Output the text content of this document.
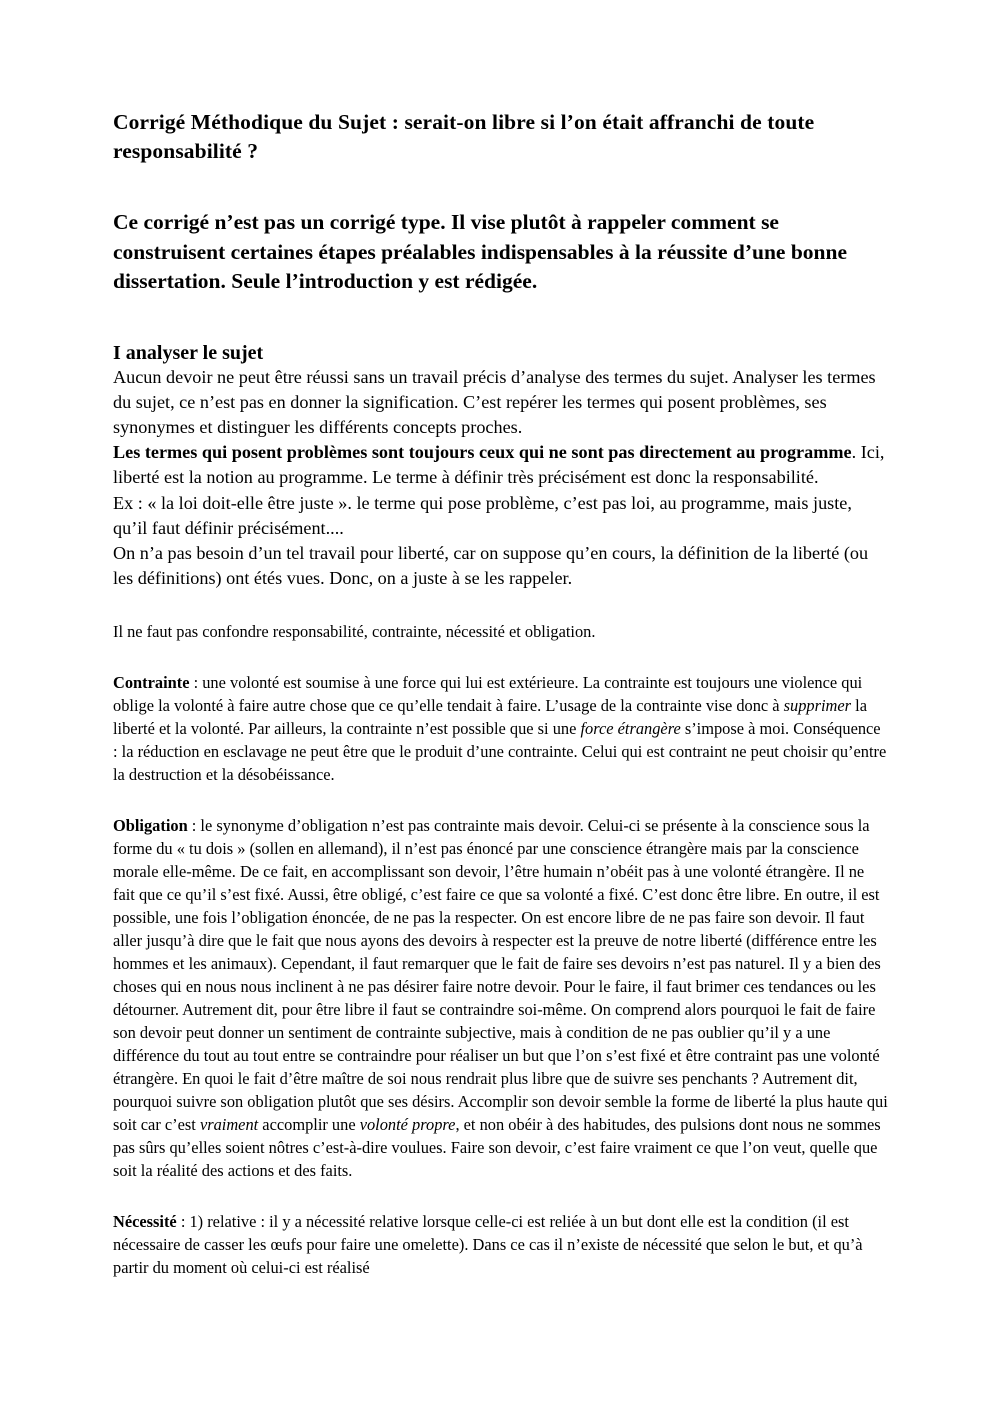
Corrigé Méthodique du Sujet : serait-on libre si l’on était affranchi de toute responsabilité ?

Ce corrigé n’est pas un corrigé type. Il vise plutôt à rappeler comment se construisent certaines étapes préalables indispensables à la réussite d’une bonne dissertation. Seule l’introduction y est rédigée.

I analyser le sujet

Aucun devoir ne peut être réussi sans un travail précis d’analyse des termes du sujet. Analyser les termes du sujet, ce n’est pas en donner la signification. C’est repérer les termes qui posent problèmes, ses synonymes et distinguer les différents concepts proches.

Les termes qui posent problèmes sont toujours ceux qui ne sont pas directement au programme. Ici, liberté est la notion au programme. Le terme à définir très précisément est donc la responsabilité.

Ex : « la loi doit-elle être juste ». le terme qui pose problème, c’est pas loi, au programme, mais juste, qu’il faut définir précisément....

On n’a pas besoin d’un tel travail pour liberté, car on suppose qu’en cours, la définition de la liberté (ou les définitions) ont étés vues. Donc, on a juste à se les rappeler.

Il ne faut pas confondre responsabilité, contrainte, nécessité et obligation.

Contrainte : une volonté est soumise à une force qui lui est extérieure. La contrainte est toujours une violence qui oblige la volonté à faire autre chose que ce qu’elle tendait à faire. L’usage de la contrainte vise donc à supprimer la liberté et la volonté. Par ailleurs, la contrainte n’est possible que si une force étrangère s’impose à moi. Conséquence : la réduction en esclavage ne peut être que le produit d’une contrainte. Celui qui est contraint ne peut choisir qu’entre la destruction et la désobéissance.

Obligation : le synonyme d’obligation n’est pas contrainte mais devoir. Celui-ci se présente à la conscience sous la forme du « tu dois » (sollen en allemand), il n’est pas énoncé par une conscience étrangère mais par la conscience morale elle-même. De ce fait, en accomplissant son devoir, l’être humain n’obéit pas à une volonté étrangère. Il ne fait que ce qu’il s’est fixé. Aussi, être obligé, c’est faire ce que sa volonté a fixé. C’est donc être libre. En outre, il est possible, une fois l’obligation énoncée, de ne pas la respecter. On est encore libre de ne pas faire son devoir. Il faut aller jusqu’à dire que le fait que nous ayons des devoirs à respecter est la preuve de notre liberté (différence entre les hommes et les animaux). Cependant, il faut remarquer que le fait de faire ses devoirs n’est pas naturel. Il y a bien des choses qui en nous nous inclinent à ne pas désirer faire notre devoir. Pour le faire, il faut brimer ces tendances ou les détourner. Autrement dit, pour être libre il faut se contraindre soi-même. On comprend alors pourquoi le fait de faire son devoir peut donner un sentiment de contrainte subjective, mais à condition de ne pas oublier qu’il y a une différence du tout au tout entre se contraindre pour réaliser un but que l’on s’est fixé et être contraint pas une volonté étrangère. En quoi le fait d’être maître de soi nous rendrait plus libre que de suivre ses penchants ? Autrement dit, pourquoi suivre son obligation plutôt que ses désirs. Accomplir son devoir semble la forme de liberté la plus haute qui soit car c’est vraiment accomplir une volonté propre, et non obéir à des habitudes, des pulsions dont nous ne sommes pas sûrs qu’elles soient nôtres c’est-à-dire voulues. Faire son devoir, c’est faire vraiment ce que l’on veut, quelle que soit la réalité des actions et des faits.

Nécessité : 1) relative : il y a nécessité relative lorsque celle-ci est reliée à un but dont elle est la condition (il est nécessaire de casser les œufs pour faire une omelette). Dans ce cas il n’existe de nécessité que selon le but, et qu’à partir du moment où celui-ci est réalisé
